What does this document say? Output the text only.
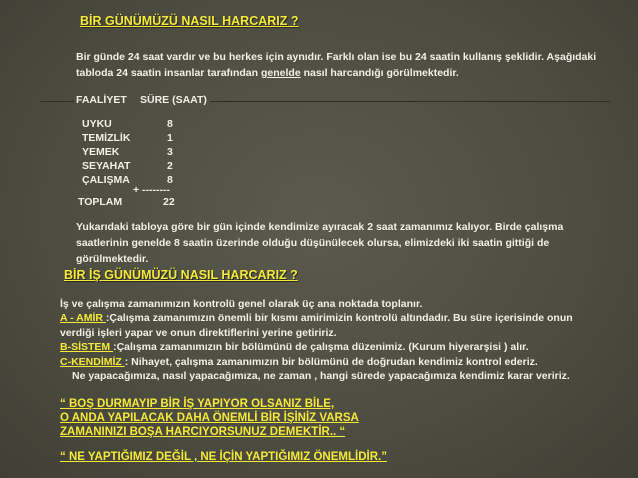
BİR GÜNÜMÜZÜ NASIL HARCARIZ ?
Bir günde 24 saat vardır ve bu herkes için aynıdır. Farklı olan ise bu 24 saatin kullanış şeklidir. Aşağıdaki tabloda 24 saatin insanlar tarafından genelde nasıl harcandığı görülmektedir.
FAALİYET SÜRE (SAAT)
UYKU	8
TEMİZLİK	1
YEMEK	3
SEYAHAT	2
ÇALIŞMA	8
+ --------
TOPLAM	22
Yukarıdaki tabloya göre bir gün içinde kendimize ayıracak 2 saat zamanımız kalıyor. Birde çalışma saatlerinin genelde 8 saatin üzerinde olduğu düşünülecek olursa, elimizdeki iki saatin gittiği de görülmektedir.
BİR İŞ GÜNÜMÜZÜ NASIL HARCARIZ ?
İş ve çalışma zamanımızın kontrolü genel olarak üç ana noktada toplanır.
A - AMİR :Çalışma zamanımızın önemli bir kısmı amirimizin kontrolü altındadır. Bu süre içerisinde onun verdiği işleri yapar ve onun direktiflerini yerine getiririz.
B-SİSTEM :Çalışma zamanımızın bir bölümünü de çalışma düzenimiz. (Kurum hiyerarşisi ) alır.
C-KENDİMİZ : Nihayet, çalışma zamanımızın bir bölümünü de doğrudan kendimiz kontrol ederiz.
Ne yapacağımıza, nasıl yapacağımıza, ne zaman , hangi sürede yapacağımıza kendimiz karar veririz.
“ BOŞ DURMAYIP BİR İŞ YAPIYOR OLSANIZ BİLE,
O ANDA YAPILACAK DAHA ÖNEMLİ BİR İŞİNİZ VARSA
ZAMANINIZI BOŞA HARCIYORSUNUZ DEMEKTİR.. “
“ NE YAPTIĞIMIZ DEĞİL , NE İÇİN YAPTIĞIMIZ ÖNEMLİDİR.”
